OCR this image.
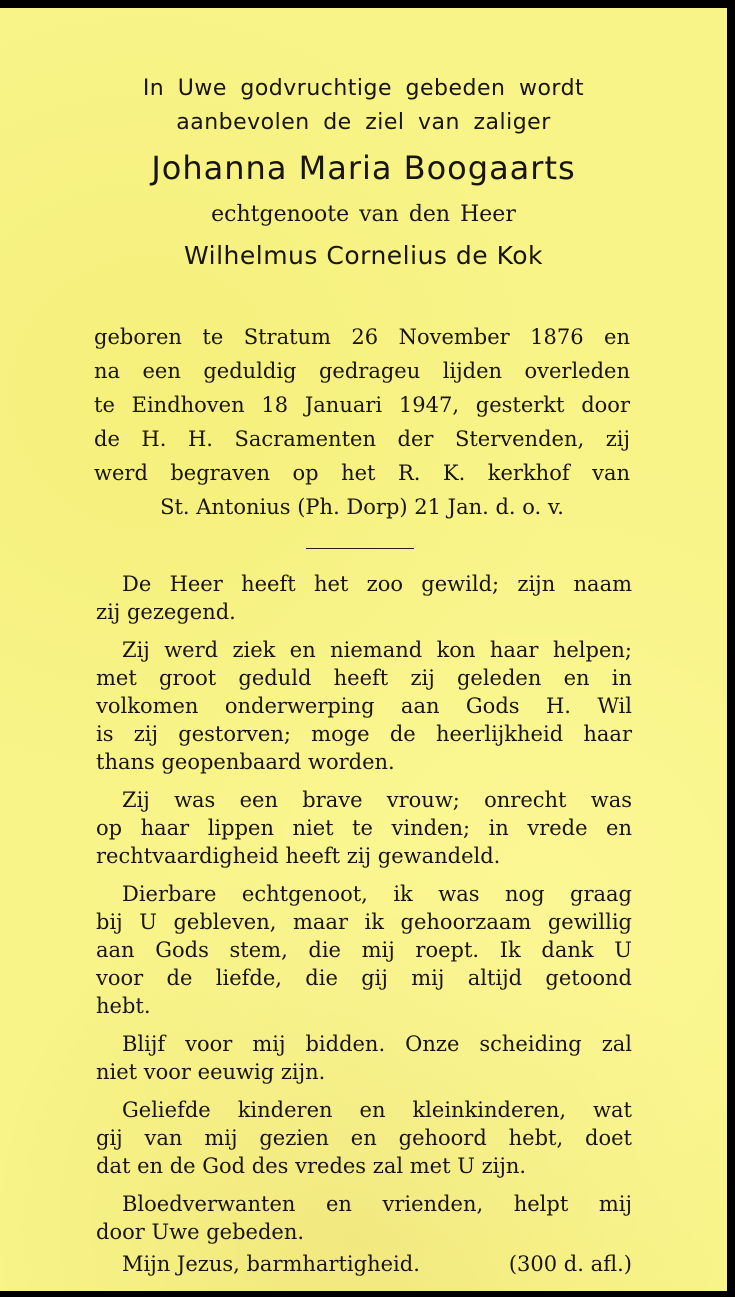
In Uwe godvruchtige gebeden wordt

aanbevolen de ziel van zaliger

Johanna Maria Boogaarts

echtgenoote van den Heer

Wilhelmus Cornelius de Kok

geboren te Stratum 26 November 1876 en
na een geduldig gedrageu lijden overleden
te Eindhoven 18 Januari 1947, gesterkt door
de H. H. Sacramenten der Stervenden, zij
werd begraven op het R. K. kerkhof van
St. Antonius (Ph. Dorp) 21 Jan. d. o. v.
De Heer heeft het zoo gewild; zijn naam
zij gezegend.
Zij werd ziek en niemand kon haar helpen;
met groot geduld heeft zij geleden en in
volkomen onderwerping aan Gods H. Wil
is zij gestorven; moge de heerlijkheid haar
thans geopenbaard worden.
Zij was een brave vrouw; onrecht was
op haar lippen niet te vinden; in vrede en
rechtvaardigheid heeft zij gewandeld.
Dierbare echtgenoot, ik was nog graag
bij U gebleven, maar ik gehoorzaam gewillig
aan Gods stem, die mij roept. Ik dank U
voor de liefde, die gij mij altijd getoond
hebt.
Blijf voor mij bidden. Onze scheiding zal
niet voor eeuwig zijn.
Geliefde kinderen en kleinkinderen, wat
gij van mij gezien en gehoord hebt, doet
dat en de God des vredes zal met U zijn.
Bloedverwanten en vrienden, helpt mij
door Uwe gebeden.
Mijn Jezus, barmhartigheid.	(300 d. afl.)
